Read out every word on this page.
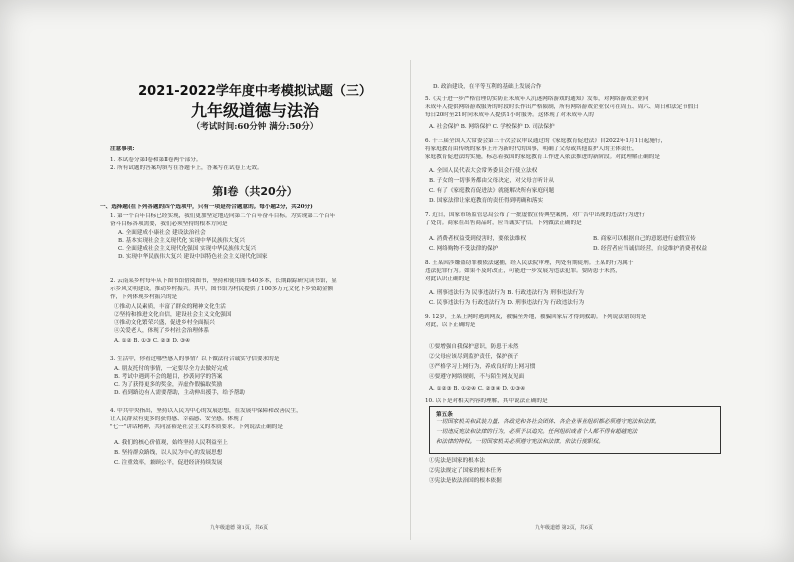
2021-2022学年度中考模拟试题（三）
九年级道德与法治
（考试时间:60分钟 满分:50分）
注意事项:
1. 本试卷分第Ⅰ卷和第Ⅱ卷两个部分。
2. 所有试题的答案均填写在答题卡上，答案写在试卷上无效。
第Ⅰ卷（共20分）
一、选择题(在下列各题的四个选项中，只有一项是符合题意的。每小题2分，共20分)
1. 第一个百年目标已经实现，我们更加坚定地迈向第二个百年奋斗目标。为实现第二个百年
奋斗目标各项需要，我们必须坚持的根本方向是
A. 全面建成小康社会 建设法治社会
B. 基本实现社会主义现代化 实现中华民族伟大复兴
C. 全面建成社会主义现代化强国 实现中华民族伟大复兴
D. 实现中华民族伟大复兴 建设中国特色社会主义现代化国家
2. 云南某乡村每年从下图书馆借阅图书，坚持和使用图书40多本，长期跟踪研究读书馆，显
示乡风文明建设，推动乡村振兴。其中，图书馆为村民提供了100多万元文化下乡资助金额
作，下列体现乡村振兴的是
①推动人民素质，丰富了群众的精神文化生活
②坚持和推进文化自信，建设社会主义文化强国
③推动文化繁荣兴盛，促进乡村全面振兴
④关爱老人，体现了乡村社会治理体系
A. ①② B. ①③ C. ②③ D. ③④
3. 生活中，你看过哪些感人的事情？以下做法符合诚实守信要求的是
A. 朋友托付的事情，一定要尽全力去做好完成
B. 考试中遇到不会的题目，抄袭同学的答案
C. 为了获得更多的奖金，弄虚作假骗取奖励
D. 看到路边有人需要帮助，主动伸出援手，给予帮助
4. 中共中央指出，坚持以人民为中心的发展思想，在发展中保障和改善民生，
让人民群众有更多的获得感、幸福感、安全感。体现了
"七一"讲话精神，共同富裕是社会主义的本质要求。下列说法正确的是
A. 我们的核心价值观，始终坚持人民利益至上
B. 坚持群众路线，以人民为中心的发展思想
C. 注重效率，兼顾公平，促进经济持续发展
九年级道德 第1页，共6页
D. 政治建设，在平等互利的基础上发展合作
5.《关于进一步严格管理切实防止未成年人沉迷网络游戏的通知》发布，对网络游戏企业向
未成年人提供网络游戏服务的时段时长作出严格限制，所有网络游戏企业仅可在周五、周六、周日和法定节假日
每日20时至21时向未成年人提供1小时服务。这体现了对未成年人的
A. 社会保护 B. 网络保护 C. 学校保护 D. 司法保护
6. 十三届全国人大常委会第三十次会议审议通过的《家庭教育促进法》自2022年1月1日起施行，
将家庭教育由传统的家事上升为新时代的国事，明确了父母或其他监护人的主体责任，
家庭教育促进法的实施，标志着我国的家庭教育工作进入依法推进的新阶段。对此理解正确的是
A. 全国人民代表大会常务委员会行使立法权
B. 子女的一切事务都由父母决定，对父母言听计从
C. 有了《家庭教育促进法》就能解决所有家庭问题
D. 国家法律让家庭教育的责任得到明确和落实
7. 近日，国家市场监管总局公布了一批虚假宣传典型案例，对广告中出现的违法行为进行
了处罚。商家在出售商品时，应当诚实守信。下列做法正确的是
A. 消费者权益受到侵害时，要依法维权	B. 商家可以根据自己的意愿进行虚假宣传
C. 网络购物不受法律的保护	D. 经营者应当诚信经营，自觉维护消费者权益
8. 王某因涉嫌盗窃罪被依法逮捕，经人民法院审理，判处有期徒刑。王某的行为属于
违法犯罪行为。如果不及时改正，可能进一步发展为违法犯罪。要防患于未然，
对此认识正确的是
A. 刑事违法行为 民事违法行为 B. 行政违法行为 刑事违法行为
C. 民事违法行为 行政违法行为 D. 刑事违法行为 行政违法行为
9. 12岁，王某上网时遇到网友，被骗至外地，被骗回家后才得到救助。下列说法错误的是
对此，以下正确的是
①要增强自我保护意识，防患于未然
②父母应该尽到监护责任，保护孩子
③严格学习上网行为，养成良好的上网习惯
④要遵守网络规则，不与陌生网友见面
A. ①②③ B. ①②④ C. ②③④ D. ①③④
10. 以下是对相关内容的理解，其中说法正确的是
第五条
一切国家机关和武装力量、各政党和各社会团体、各企业事业组织都必须遵守宪法和法律。
一切违反宪法和法律的行为，必须予以追究。任何组织或者个人都不得有超越宪法
和法律的特权。一切国家机关必须遵守宪法和法律，依法行使职权。
①宪法是国家的根本法
②宪法规定了国家的根本任务
③宪法是依法治国的根本依据
九年级道德 第2页，共6页
